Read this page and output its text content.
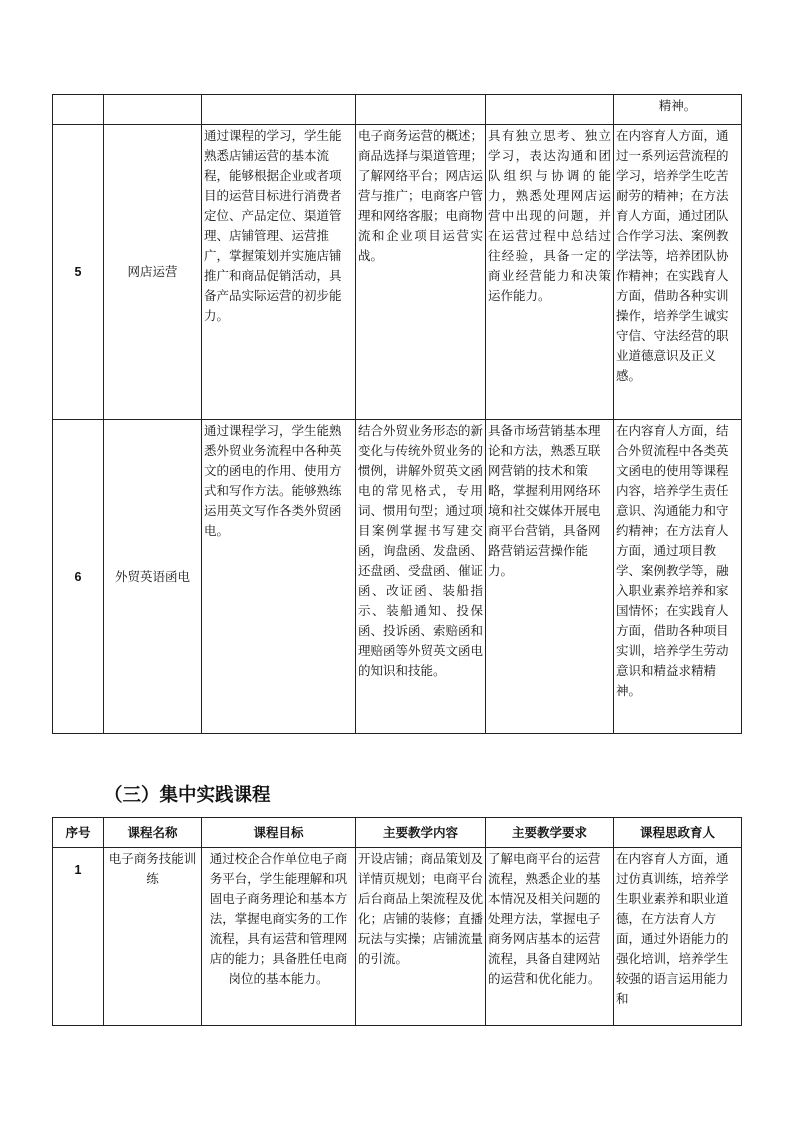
					精神。
5	网店运营	通过课程的学习，学生能熟悉店铺运营的基本流程，能够根据企业或者项目的运营目标进行消费者定位、产品定位、渠道管理、店铺管理、运营推广，掌握策划并实施店铺推广和商品促销活动，具备产品实际运营的初步能力。	电子商务运营的概述；商品选择与渠道管理；了解网络平台；网店运营与推广；电商客户管理和网络客服；电商物流和企业项目运营实战。	具有独立思考、独立学习，表达沟通和团队组织与协调的能力，熟悉处理网店运营中出现的问题，并在运营过程中总结过往经验，具备一定的商业经营能力和决策运作能力。	在内容育人方面，通过一系列运营流程的学习，培养学生吃苦耐劳的精神；在方法育人方面，通过团队合作学习法、案例教学法等，培养团队协作精神；在实践育人方面，借助各种实训操作，培养学生诚实守信、守法经营的职业道德意识及正义感。
6	外贸英语函电	通过课程学习，学生能熟悉外贸业务流程中各种英文的函电的作用、使用方式和写作方法。能够熟练运用英文写作各类外贸函电。	结合外贸业务形态的新变化与传统外贸业务的惯例，讲解外贸英文函电的常见格式，专用词、惯用句型；通过项目案例掌握书写建交函，询盘函、发盘函、还盘函、受盘函、催证函、改证函、装船指示、装船通知、投保函、投诉函、索赔函和理赔函等外贸英文函电的知识和技能。	具备市场营销基本理论和方法，熟悉互联网营销的技术和策略，掌握利用网络环境和社交媒体开展电商平台营销，具备网路营销运营操作能力。	在内容育人方面，结合外贸流程中各类英文函电的使用等课程内容，培养学生责任意识、沟通能力和守约精神；在方法育人方面，通过项目教学、案例教学等，融入职业素养培养和家国情怀；在实践育人方面，借助各种项目实训，培养学生劳动意识和精益求精精神。
（三）集中实践课程
序号	课程名称	课程目标	主要教学内容	主要教学要求	课程思政育人
1	电子商务技能训练	通过校企合作单位电子商务平台，学生能理解和巩固电子商务理论和基本方法，掌握电商实务的工作流程，具有运营和管理网店的能力；具备胜任电商岗位的基本能力。	开设店铺；商品策划及详情页规划；电商平台后台商品上架流程及优化；店铺的装修；直播玩法与实操；店铺流量的引流。	了解电商平台的运营流程，熟悉企业的基本情况及相关问题的处理方法，掌握电子商务网店基本的运营流程，具备自建网站的运营和优化能力。	在内容育人方面，通过仿真训练，培养学生职业素养和职业道德，在方法育人方面，通过外语能力的强化培训，培养学生较强的语言运用能力和
